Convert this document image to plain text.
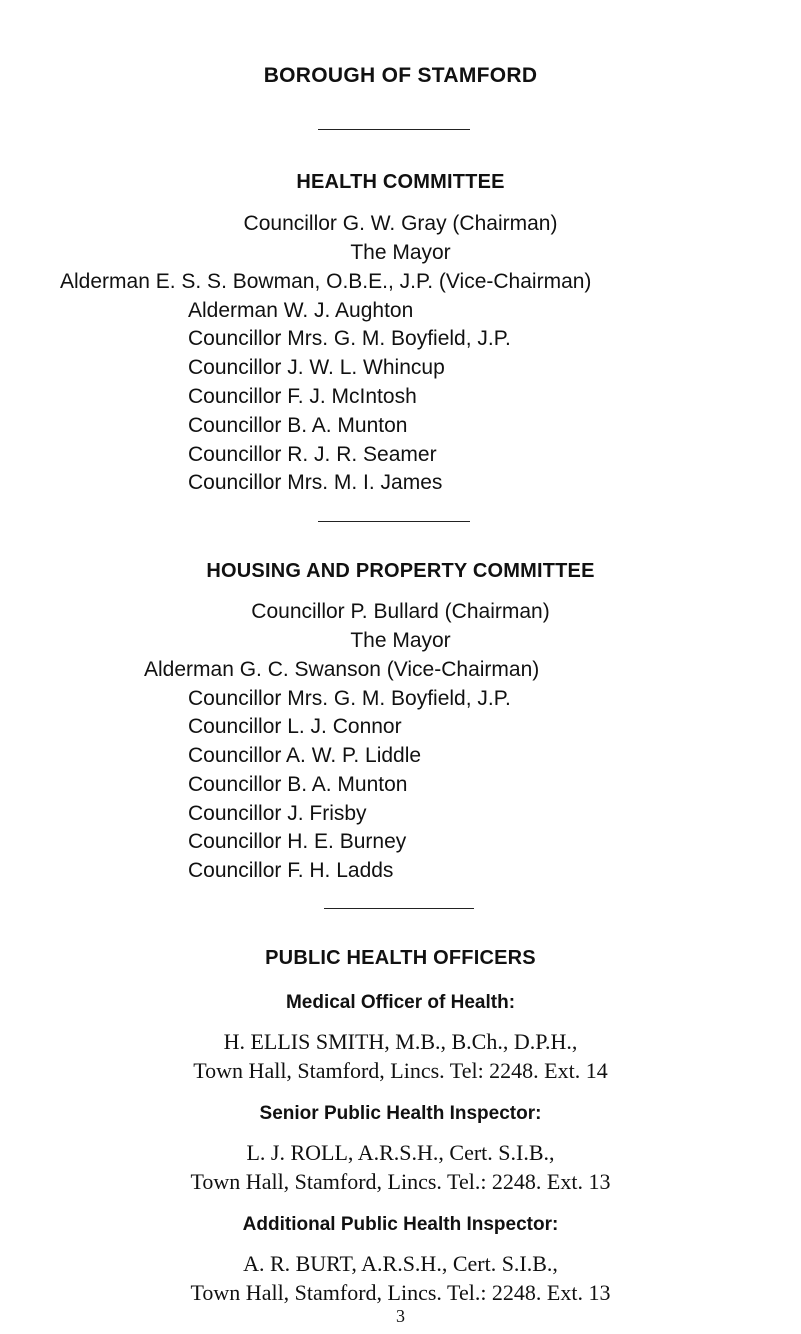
BOROUGH OF STAMFORD
HEALTH COMMITTEE
Councillor G. W. Gray (Chairman)
The Mayor
Alderman E. S. S. Bowman, O.B.E., J.P. (Vice-Chairman)
Alderman W. J. Aughton
Councillor Mrs. G. M. Boyfield, J.P.
Councillor J. W. L. Whincup
Councillor F. J. McIntosh
Councillor B. A. Munton
Councillor R. J. R. Seamer
Councillor Mrs. M. I. James
HOUSING AND PROPERTY COMMITTEE
Councillor P. Bullard (Chairman)
The Mayor
Alderman G. C. Swanson (Vice-Chairman)
Councillor Mrs. G. M. Boyfield, J.P.
Councillor L. J. Connor
Councillor A. W. P. Liddle
Councillor B. A. Munton
Councillor J. Frisby
Councillor H. E. Burney
Councillor F. H. Ladds
PUBLIC HEALTH OFFICERS
Medical Officer of Health:
H. ELLIS SMITH, M.B., B.Ch., D.P.H.,
Town Hall, Stamford, Lincs. Tel: 2248. Ext. 14
Senior Public Health Inspector:
L. J. ROLL, A.R.S.H., Cert. S.I.B.,
Town Hall, Stamford, Lincs. Tel.: 2248. Ext. 13
Additional Public Health Inspector:
A. R. BURT, A.R.S.H., Cert. S.I.B.,
Town Hall, Stamford, Lincs. Tel.: 2248. Ext. 13
3
